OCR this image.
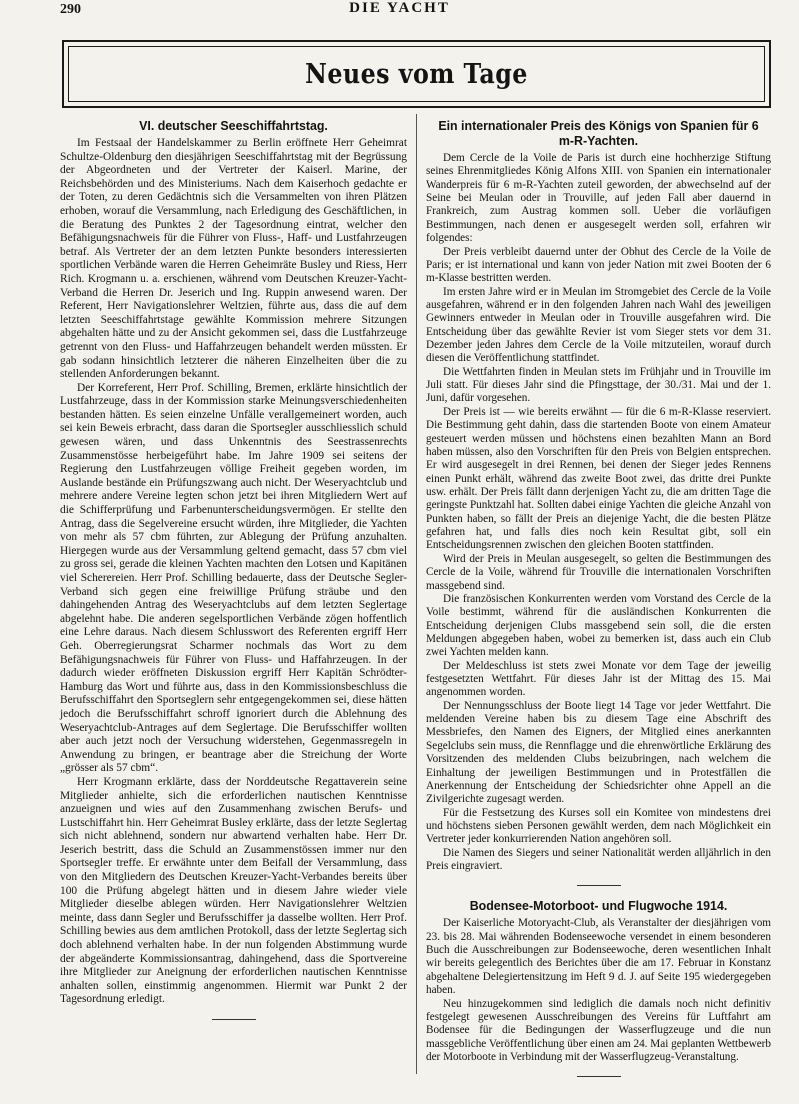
290	DIE YACHT
Neues vom Tage
VI. deutscher Seeschiffahrtstag.

Im Festsaal der Handelskammer zu Berlin eröffnete Herr Geheimrat Schultze-Oldenburg den diesjährigen Seeschiffahrtstag mit der Begrüssung der Abgeordneten und der Vertreter der Kaiserl. Marine, der Reichsbehörden und des Ministeriums. Nach dem Kaiserhoch gedachte er der Toten, zu deren Gedächtnis sich die Versammelten von ihren Plätzen erhoben, worauf die Versammlung, nach Erledigung des Geschäftlichen, in die Beratung des Punktes 2 der Tagesordnung eintrat, welcher den Befähigungsnachweis für die Führer von Fluss-, Haff- und Lustfahrzeugen betraf. Als Vertreter der an dem letzten Punkte besonders interessierten sportlichen Verbände waren die Herren Geheimräte Busley und Riess, Herr Rich. Krogmann u. a. erschienen, während vom Deutschen Kreuzer-Yacht-Verband die Herren Dr. Jeserich und Ing. Ruppin anwesend waren. Der Referent, Herr Navigationslehrer Weltzien, führte aus, dass die auf dem letzten Seeschiffahrtstage gewählte Kommission mehrere Sitzungen abgehalten hätte und zu der Ansicht gekommen sei, dass die Lustfahrzeuge getrennt von den Fluss- und Haffahrzeugen behandelt werden müssten. Er gab sodann hinsichtlich letzterer die näheren Einzelheiten über die zu stellenden Anforderungen bekannt.

Der Korreferent, Herr Prof. Schilling, Bremen, erklärte hinsichtlich der Lustfahrzeuge, dass in der Kommission starke Meinungsverschiedenheiten bestanden hätten. Es seien einzelne Unfälle verallgemeinert worden, auch sei kein Beweis erbracht, dass daran die Sportsegler ausschliesslich schuld gewesen wären, und dass Unkenntnis des Seestrassenrechts Zusammenstösse herbeigeführt habe. Im Jahre 1909 sei seitens der Regierung den Lustfahrzeugen völlige Freiheit gegeben worden, im Auslande bestände ein Prüfungszwang auch nicht. Der Weseryachtclub und mehrere andere Vereine legten schon jetzt bei ihren Mitgliedern Wert auf die Schifferprüfung und Farbenunterscheidungsvermögen. Er stellte den Antrag, dass die Segelvereine ersucht würden, ihre Mitglieder, die Yachten von mehr als 57 cbm führten, zur Ablegung der Prüfung anzuhalten. Hiergegen wurde aus der Versammlung geltend gemacht, dass 57 cbm viel zu gross sei, gerade die kleinen Yachten machten den Lotsen und Kapitänen viel Scherereien. Herr Prof. Schilling bedauerte, dass der Deutsche Segler-Verband sich gegen eine freiwillige Prüfung sträube und den dahingehenden Antrag des Weseryachtclubs auf dem letzten Seglertage abgelehnt habe. Die anderen segelsportlichen Verbände zögen hoffentlich eine Lehre daraus. Nach diesem Schlusswort des Referenten ergriff Herr Geh. Oberregierungsrat Scharmer nochmals das Wort zu dem Befähigungsnachweis für Führer von Fluss- und Haffahrzeugen. In der dadurch wieder eröffneten Diskussion ergriff Herr Kapitän Schrödter-Hamburg das Wort und führte aus, dass in den Kommissionsbeschluss die Berufsschiffahrt den Sportseglern sehr entgegengekommen sei, diese hätten jedoch die Berufsschiffahrt schroff ignoriert durch die Ablehnung des Weseryachtclub-Antrages auf dem Seglertage. Die Berufsschiffer wollten aber auch jetzt noch der Versuchung widerstehen, Gegenmassregeln in Anwendung zu bringen, er beantrage aber die Streichung der Worte „grösser als 57 cbm“.

Herr Krogmann erklärte, dass der Norddeutsche Regattaverein seine Mitglieder anhielte, sich die erforderlichen nautischen Kenntnisse anzueignen und wies auf den Zusammenhang zwischen Berufs- und Lustschiffahrt hin. Herr Geheimrat Busley erklärte, dass der letzte Seglertag sich nicht ablehnend, sondern nur abwartend verhalten habe. Herr Dr. Jeserich bestritt, dass die Schuld an Zusammenstössen immer nur den Sportsegler treffe. Er erwähnte unter dem Beifall der Versammlung, dass von den Mitgliedern des Deutschen Kreuzer-Yacht-Verbandes bereits über 100 die Prüfung abgelegt hätten und in diesem Jahre wieder viele Mitglieder dieselbe ablegen würden. Herr Navigationslehrer Weltzien meinte, dass dann Segler und Berufsschiffer ja dasselbe wollten. Herr Prof. Schilling bewies aus dem amtlichen Protokoll, dass der letzte Seglertag sich doch ablehnend verhalten habe. In der nun folgenden Abstimmung wurde der abgeänderte Kommissionsantrag, dahingehend, dass die Sportvereine ihre Mitglieder zur Aneignung der erforderlichen nautischen Kenntnisse anhalten sollen, einstimmig angenommen. Hiermit war Punkt 2 der Tagesordnung erledigt.

Ein internationaler Preis des Königs von Spanien für 6 m-R-Yachten.

Dem Cercle de la Voile de Paris ist durch eine hochherzige Stiftung seines Ehrenmitgliedes König Alfons XIII. von Spanien ein internationaler Wanderpreis für 6 m-R-Yachten zuteil geworden, der abwechselnd auf der Seine bei Meulan oder in Trouville, auf jeden Fall aber dauernd in Frankreich, zum Austrag kommen soll. Ueber die vorläufigen Bestimmungen, nach denen er ausgesegelt werden soll, erfahren wir folgendes:

Der Preis verbleibt dauernd unter der Obhut des Cercle de la Voile de Paris; er ist international und kann von jeder Nation mit zwei Booten der 6 m-Klasse bestritten werden.

Im ersten Jahre wird er in Meulan im Stromgebiet des Cercle de la Voile ausgefahren, während er in den folgenden Jahren nach Wahl des jeweiligen Gewinners entweder in Meulan oder in Trouville ausgefahren wird. Die Entscheidung über das gewählte Revier ist vom Sieger stets vor dem 31. Dezember jeden Jahres dem Cercle de la Voile mitzuteilen, worauf durch diesen die Veröffentlichung stattfindet.

Die Wettfahrten finden in Meulan stets im Frühjahr und in Trouville im Juli statt. Für dieses Jahr sind die Pfingsttage, der 30./31. Mai und der 1. Juni, dafür vorgesehen.

Der Preis ist — wie bereits erwähnt — für die 6 m-R-Klasse reserviert. Die Bestimmung geht dahin, dass die startenden Boote von einem Amateur gesteuert werden müssen und höchstens einen bezahlten Mann an Bord haben müssen, also den Vorschriften für den Preis von Belgien entsprechen. Er wird ausgesegelt in drei Rennen, bei denen der Sieger jedes Rennens einen Punkt erhält, während das zweite Boot zwei, das dritte drei Punkte usw. erhält. Der Preis fällt dann derjenigen Yacht zu, die am dritten Tage die geringste Punktzahl hat. Sollten dabei einige Yachten die gleiche Anzahl von Punkten haben, so fällt der Preis an diejenige Yacht, die die besten Plätze gefahren hat, und falls dies noch kein Resultat gibt, soll ein Entscheidungsrennen zwischen den gleichen Booten stattfinden.

Wird der Preis in Meulan ausgesegelt, so gelten die Bestimmungen des Cercle de la Voile, während für Trouville die internationalen Vorschriften massgebend sind.

Die französischen Konkurrenten werden vom Vorstand des Cercle de la Voile bestimmt, während für die ausländischen Konkurrenten die Entscheidung derjenigen Clubs massgebend sein soll, die die ersten Meldungen abgegeben haben, wobei zu bemerken ist, dass auch ein Club zwei Yachten melden kann.

Der Meldeschluss ist stets zwei Monate vor dem Tage der jeweilig festgesetzten Wettfahrt. Für dieses Jahr ist der Mittag des 15. Mai angenommen worden.

Der Nennungsschluss der Boote liegt 14 Tage vor jeder Wettfahrt. Die meldenden Vereine haben bis zu diesem Tage eine Abschrift des Messbriefes, den Namen des Eigners, der Mitglied eines anerkannten Segelclubs sein muss, die Rennflagge und die ehrenwörtliche Erklärung des Vorsitzenden des meldenden Clubs beizubringen, nach welchem die Einhaltung der jeweiligen Bestimmungen und in Protestfällen die Anerkennung der Entscheidung der Schiedsrichter ohne Appell an die Zivilgerichte zugesagt werden.

Für die Festsetzung des Kurses soll ein Komitee von mindestens drei und höchstens sieben Personen gewählt werden, dem nach Möglichkeit ein Vertreter jeder konkurrierenden Nation angehören soll.

Die Namen des Siegers und seiner Nationalität werden alljährlich in den Preis eingraviert.

Bodensee-Motorboot- und Flugwoche 1914.

Der Kaiserliche Motoryacht-Club, als Veranstalter der diesjährigen vom 23. bis 28. Mai währenden Bodenseewoche versendet in einem besonderen Buch die Ausschreibungen zur Bodenseewoche, deren wesentlichen Inhalt wir bereits gelegentlich des Berichtes über die am 17. Februar in Konstanz abgehaltene Delegiertensitzung im Heft 9 d. J. auf Seite 195 wiedergegeben haben.

Neu hinzugekommen sind lediglich die damals noch nicht definitiv festgelegt gewesenen Ausschreibungen des Vereins für Luftfahrt am Bodensee für die Bedingungen der Wasserflugzeuge und die nun massgebliche Veröffentlichung über einen am 24. Mai geplanten Wettbewerb der Motorboote in Verbindung mit der Wasserflugzeug-Veranstaltung.
